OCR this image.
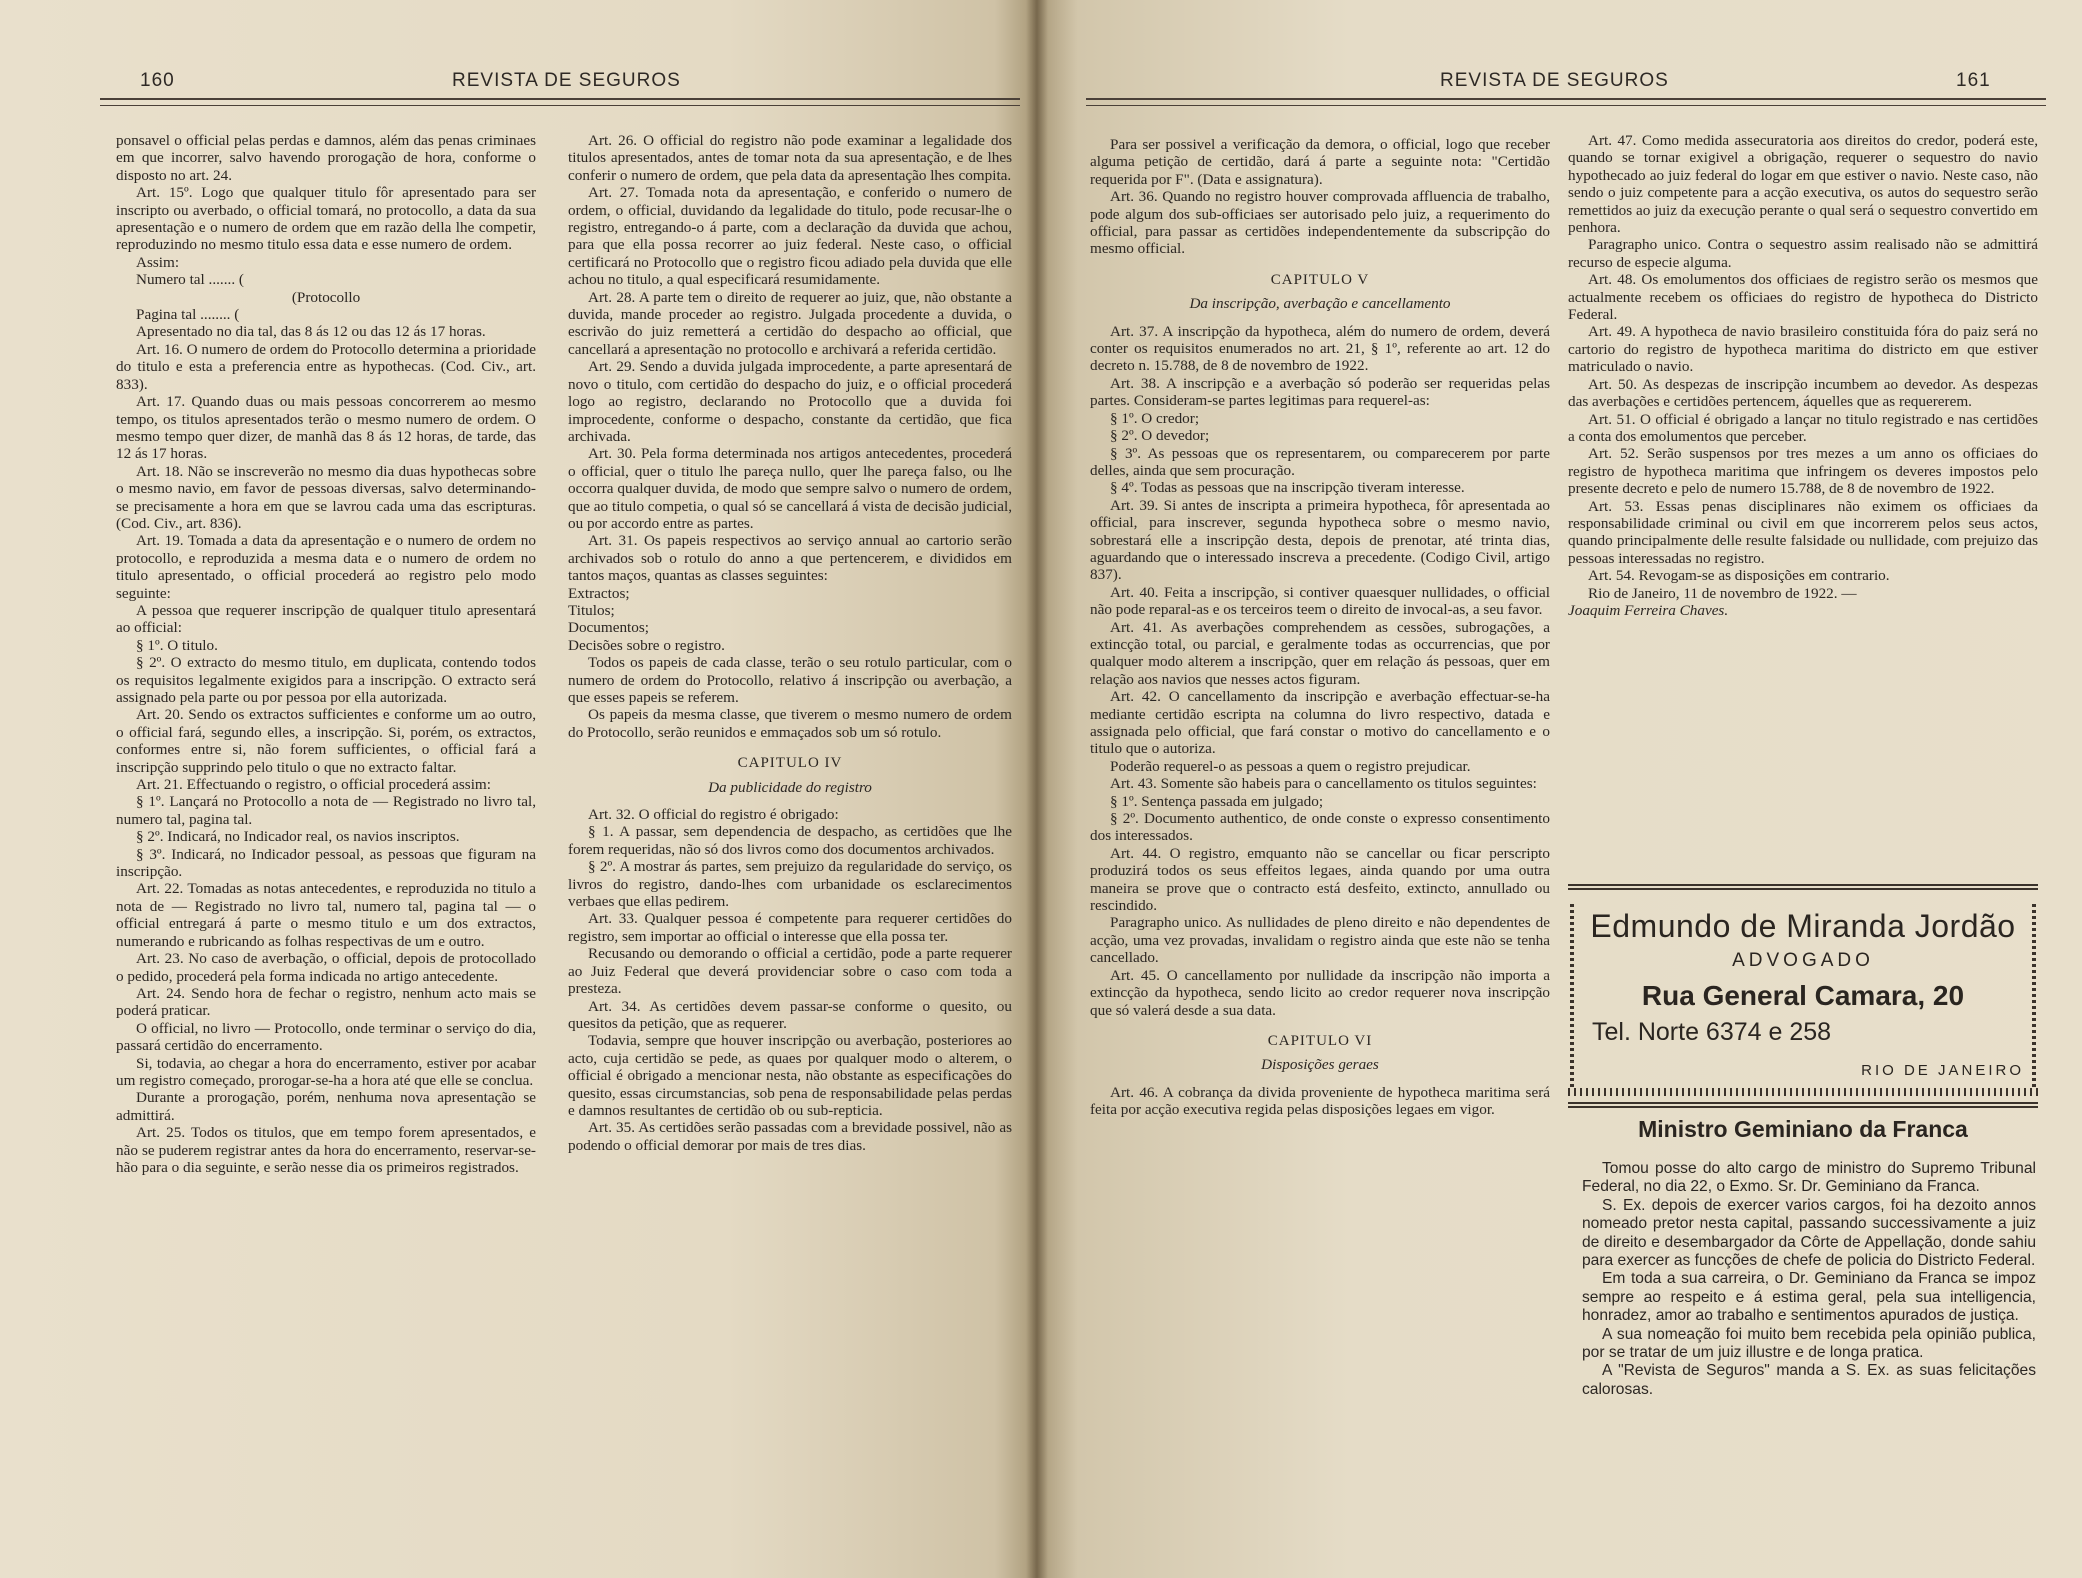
160	REVISTA DE SEGUROS

ponsavel o official pelas perdas e damnos, além das penas criminaes em que incorrer, salvo havendo prorogação de hora, conforme o disposto no art. 24.

Art. 15º. Logo que qualquer titulo fôr apresentado para ser inscripto ou averbado, o official tomará, no protocollo, a data da sua apresentação e o numero de ordem que em razão della lhe competir, reproduzindo no mesmo titulo essa data e esse numero de ordem.

Assim:

Numero tal ....... (

(Protocollo

Pagina tal ........ (

Apresentado no dia tal, das 8 ás 12 ou das 12 ás 17 horas.

Art. 16. O numero de ordem do Protocollo determina a prioridade do titulo e esta a preferencia entre as hypothecas. (Cod. Civ., art. 833).

Art. 17. Quando duas ou mais pessoas concorrerem ao mesmo tempo, os titulos apresentados terão o mesmo numero de ordem. O mesmo tempo quer dizer, de manhã das 8 ás 12 horas, de tarde, das 12 ás 17 horas.

Art. 18. Não se inscreverão no mesmo dia duas hypothecas sobre o mesmo navio, em favor de pessoas diversas, salvo determinando-se precisamente a hora em que se lavrou cada uma das escripturas. (Cod. Civ., art. 836).

Art. 19. Tomada a data da apresentação e o numero de ordem no protocollo, e reproduzida a mesma data e o numero de ordem no titulo apresentado, o official procederá ao registro pelo modo seguinte:

A pessoa que requerer inscripção de qualquer titulo apresentará ao official:

§ 1º. O titulo.

§ 2º. O extracto do mesmo titulo, em duplicata, contendo todos os requisitos legalmente exigidos para a inscripção. O extracto será assignado pela parte ou por pessoa por ella autorizada.

Art. 20. Sendo os extractos sufficientes e conforme um ao outro, o official fará, segundo elles, a inscripção. Si, porém, os extractos, conformes entre si, não forem sufficientes, o official fará a inscripção supprindo pelo titulo o que no extracto faltar.

Art. 21. Effectuando o registro, o official procederá assim:

§ 1º. Lançará no Protocollo a nota de — Registrado no livro tal, numero tal, pagina tal.

§ 2º. Indicará, no Indicador real, os navios inscriptos.

§ 3º. Indicará, no Indicador pessoal, as pessoas que figuram na inscripção.

Art. 22. Tomadas as notas antecedentes, e reproduzida no titulo a nota de — Registrado no livro tal, numero tal, pagina tal — o official entregará á parte o mesmo titulo e um dos extractos, numerando e rubricando as folhas respectivas de um e outro.

Art. 23. No caso de averbação, o official, depois de protocollado o pedido, procederá pela forma indicada no artigo antecedente.

Art. 24. Sendo hora de fechar o registro, nenhum acto mais se poderá praticar.

O official, no livro — Protocollo, onde terminar o serviço do dia, passará certidão do encerramento.

Si, todavia, ao chegar a hora do encerramento, estiver por acabar um registro começado, prorogar-se-ha a hora até que elle se conclua.

Durante a prorogação, porém, nenhuma nova apresentação se admittirá.

Art. 25. Todos os titulos, que em tempo forem apresentados, e não se puderem registrar antes da hora do encerramento, reservar-se-hão para o dia seguinte, e serão nesse dia os primeiros registrados.

Art. 26. O official do registro não pode examinar a legalidade dos titulos apresentados, antes de tomar nota da sua apresentação, e de lhes conferir o numero de ordem, que pela data da apresentação lhes compita.

Art. 27. Tomada nota da apresentação, e conferido o numero de ordem, o official, duvidando da legalidade do titulo, pode recusar-lhe o registro, entregando-o á parte, com a declaração da duvida que achou, para que ella possa recorrer ao juiz federal. Neste caso, o official certificará no Protocollo que o registro ficou adiado pela duvida que elle achou no titulo, a qual especificará resumidamente.

Art. 28. A parte tem o direito de requerer ao juiz, que, não obstante a duvida, mande proceder ao registro. Julgada procedente a duvida, o escrivão do juiz remetterá a certidão do despacho ao official, que cancellará a apresentação no protocollo e archivará a referida certidão.

Art. 29. Sendo a duvida julgada improcedente, a parte apresentará de novo o titulo, com certidão do despacho do juiz, e o official procederá logo ao registro, declarando no Protocollo que a duvida foi improcedente, conforme o despacho, constante da certidão, que fica archivada.

Art. 30. Pela forma determinada nos artigos antecedentes, procederá o official, quer o titulo lhe pareça nullo, quer lhe pareça falso, ou lhe occorra qualquer duvida, de modo que sempre salvo o numero de ordem, que ao titulo competia, o qual só se cancellará á vista de decisão judicial, ou por accordo entre as partes.

Art. 31. Os papeis respectivos ao serviço annual ao cartorio serão archivados sob o rotulo do anno a que pertencerem, e divididos em tantos maços, quantas as classes seguintes:

Extractos;

Titulos;

Documentos;

Decisões sobre o registro.

Todos os papeis de cada classe, terão o seu rotulo particular, com o numero de ordem do Protocollo, relativo á inscripção ou averbação, a que esses papeis se referem.

Os papeis da mesma classe, que tiverem o mesmo numero de ordem do Protocollo, serão reunidos e emmaçados sob um só rotulo.

CAPITULO IV

Da publicidade do registro

Art. 32. O official do registro é obrigado:

§ 1. A passar, sem dependencia de despacho, as certidões que lhe forem requeridas, não só dos livros como dos documentos archivados.

§ 2º. A mostrar ás partes, sem prejuizo da regularidade do serviço, os livros do registro, dando-lhes com urbanidade os esclarecimentos verbaes que ellas pedirem.

Art. 33. Qualquer pessoa é competente para requerer certidões do registro, sem importar ao official o interesse que ella possa ter.

Recusando ou demorando o official a certidão, pode a parte requerer ao Juiz Federal que deverá providenciar sobre o caso com toda a presteza.

Art. 34. As certidões devem passar-se conforme o quesito, ou quesitos da petição, que as requerer.

Todavia, sempre que houver inscripção ou averbação, posteriores ao acto, cuja certidão se pede, as quaes por qualquer modo o alterem, o official é obrigado a mencionar nesta, não obstante as especificações do quesito, essas circumstancias, sob pena de responsabilidade pelas perdas e damnos resultantes de certidão ob ou sub-repticia.

Art. 35. As certidões serão passadas com a brevidade possivel, não as podendo o official demorar por mais de tres dias.

REVISTA DE SEGUROS	161

Para ser possivel a verificação da demora, o official, logo que receber alguma petição de certidão, dará á parte a seguinte nota: "Certidão requerida por F". (Data e assignatura).

Art. 36. Quando no registro houver comprovada affluencia de trabalho, pode algum dos sub-officiaes ser autorisado pelo juiz, a requerimento do official, para passar as certidões independentemente da subscripção do mesmo official.

CAPITULO V

Da inscripção, averbação e cancellamento

Art. 37. A inscripção da hypotheca, além do numero de ordem, deverá conter os requisitos enumerados no art. 21, § 1º, referente ao art. 12 do decreto n. 15.788, de 8 de novembro de 1922.

Art. 38. A inscripção e a averbação só poderão ser requeridas pelas partes. Consideram-se partes legitimas para requerel-as:

§ 1º. O credor;

§ 2º. O devedor;

§ 3º. As pessoas que os representarem, ou comparecerem por parte delles, ainda que sem procuração.

§ 4º. Todas as pessoas que na inscripção tiveram interesse.

Art. 39. Si antes de inscripta a primeira hypotheca, fôr apresentada ao official, para inscrever, segunda hypotheca sobre o mesmo navio, sobrestará elle a inscripção desta, depois de prenotar, até trinta dias, aguardando que o interessado inscreva a precedente. (Codigo Civil, artigo 837).

Art. 40. Feita a inscripção, si contiver quaesquer nullidades, o official não pode reparal-as e os terceiros teem o direito de invocal-as, a seu favor.

Art. 41. As averbações comprehendem as cessões, subrogações, a extincção total, ou parcial, e geralmente todas as occurrencias, que por qualquer modo alterem a inscripção, quer em relação ás pessoas, quer em relação aos navios que nesses actos figuram.

Art. 42. O cancellamento da inscripção e averbação effectuar-se-ha mediante certidão escripta na columna do livro respectivo, datada e assignada pelo official, que fará constar o motivo do cancellamento e o titulo que o autoriza.

Poderão requerel-o as pessoas a quem o registro prejudicar.

Art. 43. Somente são habeis para o cancellamento os titulos seguintes:

§ 1º. Sentença passada em julgado;

§ 2º. Documento authentico, de onde conste o expresso consentimento dos interessados.

Art. 44. O registro, emquanto não se cancellar ou ficar perscripto produzirá todos os seus effeitos legaes, ainda quando por uma outra maneira se prove que o contracto está desfeito, extincto, annullado ou rescindido.

Paragrapho unico. As nullidades de pleno direito e não dependentes de acção, uma vez provadas, invalidam o registro ainda que este não se tenha cancellado.

Art. 45. O cancellamento por nullidade da inscripção não importa a extincção da hypotheca, sendo licito ao credor requerer nova inscripção que só valerá desde a sua data.

CAPITULO VI

Disposições geraes

Art. 46. A cobrança da divida proveniente de hypotheca maritima será feita por acção executiva regida pelas disposições legaes em vigor.

Art. 47. Como medida assecuratoria aos direitos do credor, poderá este, quando se tornar exigivel a obrigação, requerer o sequestro do navio hypothecado ao juiz federal do logar em que estiver o navio. Neste caso, não sendo o juiz competente para a acção executiva, os autos do sequestro serão remettidos ao juiz da execução perante o qual será o sequestro convertido em penhora.

Paragrapho unico. Contra o sequestro assim realisado não se admittirá recurso de especie alguma.

Art. 48. Os emolumentos dos officiaes de registro serão os mesmos que actualmente recebem os officiaes do registro de hypotheca do Districto Federal.

Art. 49. A hypotheca de navio brasileiro constituida fóra do paiz será no cartorio do registro de hypotheca maritima do districto em que estiver matriculado o navio.

Art. 50. As despezas de inscripção incumbem ao devedor. As despezas das averbações e certidões pertencem, áquelles que as requererem.

Art. 51. O official é obrigado a lançar no titulo registrado e nas certidões a conta dos emolumentos que perceber.

Art. 52. Serão suspensos por tres mezes a um anno os officiaes do registro de hypotheca maritima que infringem os deveres impostos pelo presente decreto e pelo de numero 15.788, de 8 de novembro de 1922.

Art. 53. Essas penas disciplinares não eximem os officiaes da responsabilidade criminal ou civil em que incorrerem pelos seus actos, quando principalmente delle resulte falsidade ou nullidade, com prejuizo das pessoas interessadas no registro.

Art. 54. Revogam-se as disposições em contrario.

Rio de Janeiro, 11 de novembro de 1922. —

Joaquim Ferreira Chaves.

Edmundo de Miranda Jordão
ADVOGADO
Rua General Camara, 20
Tel. Norte 6374 e 258
RIO DE JANEIRO
Ministro Geminiano da Franca

Tomou posse do alto cargo de ministro do Supremo Tribunal Federal, no dia 22, o Exmo. Sr. Dr. Geminiano da Franca.

S. Ex. depois de exercer varios cargos, foi ha dezoito annos nomeado pretor nesta capital, passando successivamente a juiz de direito e desembargador da Côrte de Appellação, donde sahiu para exercer as funcções de chefe de policia do Districto Federal.

Em toda a sua carreira, o Dr. Geminiano da Franca se impoz sempre ao respeito e á estima geral, pela sua intelligencia, honradez, amor ao trabalho e sentimentos apurados de justiça.

A sua nomeação foi muito bem recebida pela opinião publica, por se tratar de um juiz illustre e de longa pratica.

A "Revista de Seguros" manda a S. Ex. as suas felicitações calorosas.
